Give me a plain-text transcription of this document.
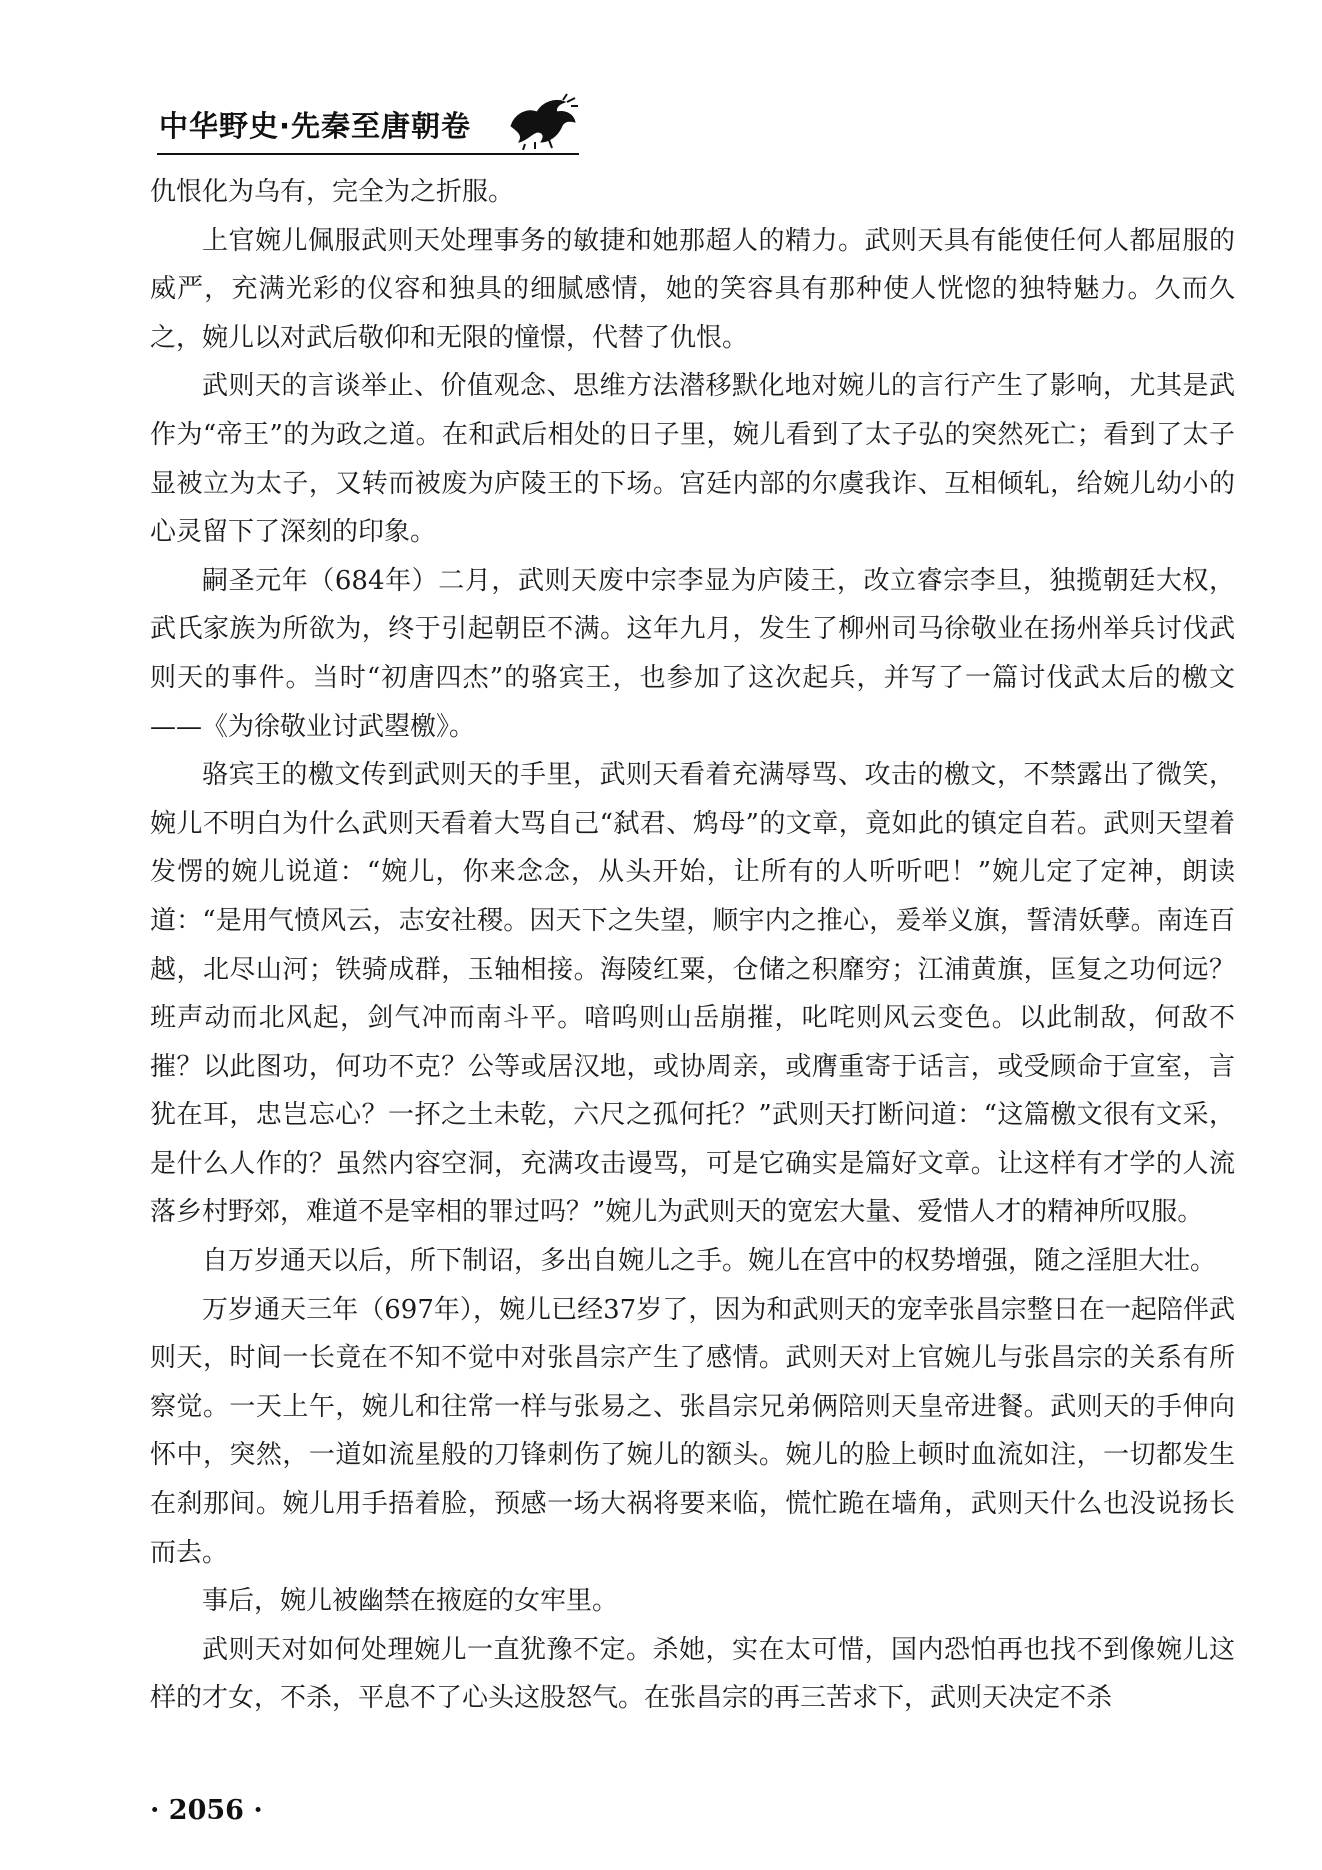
中华野史·先秦至唐朝卷

仇恨化为乌有，完全为之折服。

上官婉儿佩服武则天处理事务的敏捷和她那超人的精力。武则天具有能使任何人都屈服的威严，充满光彩的仪容和独具的细腻感情，她的笑容具有那种使人恍惚的独特魅力。久而久之，婉儿以对武后敬仰和无限的憧憬，代替了仇恨。

武则天的言谈举止、价值观念、思维方法潜移默化地对婉儿的言行产生了影响，尤其是武作为“帝王”的为政之道。在和武后相处的日子里，婉儿看到了太子弘的突然死亡；看到了太子显被立为太子，又转而被废为庐陵王的下场。宫廷内部的尔虞我诈、互相倾轧，给婉儿幼小的心灵留下了深刻的印象。

嗣圣元年（684年）二月，武则天废中宗李显为庐陵王，改立睿宗李旦，独揽朝廷大权，武氏家族为所欲为，终于引起朝臣不满。这年九月，发生了柳州司马徐敬业在扬州举兵讨伐武则天的事件。当时“初唐四杰”的骆宾王，也参加了这次起兵，并写了一篇讨伐武太后的檄文——《为徐敬业讨武曌檄》。

骆宾王的檄文传到武则天的手里，武则天看着充满辱骂、攻击的檄文，不禁露出了微笑，婉儿不明白为什么武则天看着大骂自己“弑君、鸩母”的文章，竟如此的镇定自若。武则天望着发愣的婉儿说道：“婉儿，你来念念，从头开始，让所有的人听听吧！”婉儿定了定神，朗读道：“是用气愤风云，志安社稷。因天下之失望，顺宇内之推心，爰举义旗，誓清妖孽。南连百越，北尽山河；铁骑成群，玉轴相接。海陵红粟，仓储之积靡穷；江浦黄旗，匡复之功何远？班声动而北风起，剑气冲而南斗平。喑呜则山岳崩摧，叱咤则风云变色。以此制敌，何敌不摧？以此图功，何功不克？公等或居汉地，或协周亲，或膺重寄于话言，或受顾命于宣室，言犹在耳，忠岂忘心？一抔之土未乾，六尺之孤何托？”武则天打断问道：“这篇檄文很有文采，是什么人作的？虽然内容空洞，充满攻击谩骂，可是它确实是篇好文章。让这样有才学的人流落乡村野郊，难道不是宰相的罪过吗？”婉儿为武则天的宽宏大量、爱惜人才的精神所叹服。

自万岁通天以后，所下制诏，多出自婉儿之手。婉儿在宫中的权势增强，随之淫胆大壮。

万岁通天三年（697年），婉儿已经37岁了，因为和武则天的宠幸张昌宗整日在一起陪伴武则天，时间一长竟在不知不觉中对张昌宗产生了感情。武则天对上官婉儿与张昌宗的关系有所察觉。一天上午，婉儿和往常一样与张易之、张昌宗兄弟俩陪则天皇帝进餐。武则天的手伸向怀中，突然，一道如流星般的刀锋刺伤了婉儿的额头。婉儿的脸上顿时血流如注，一切都发生在刹那间。婉儿用手捂着脸，预感一场大祸将要来临，慌忙跪在墙角，武则天什么也没说扬长而去。

事后，婉儿被幽禁在掖庭的女牢里。

武则天对如何处理婉儿一直犹豫不定。杀她，实在太可惜，国内恐怕再也找不到像婉儿这样的才女，不杀，平息不了心头这股怒气。在张昌宗的再三苦求下，武则天决定不杀

· 2056 ·
